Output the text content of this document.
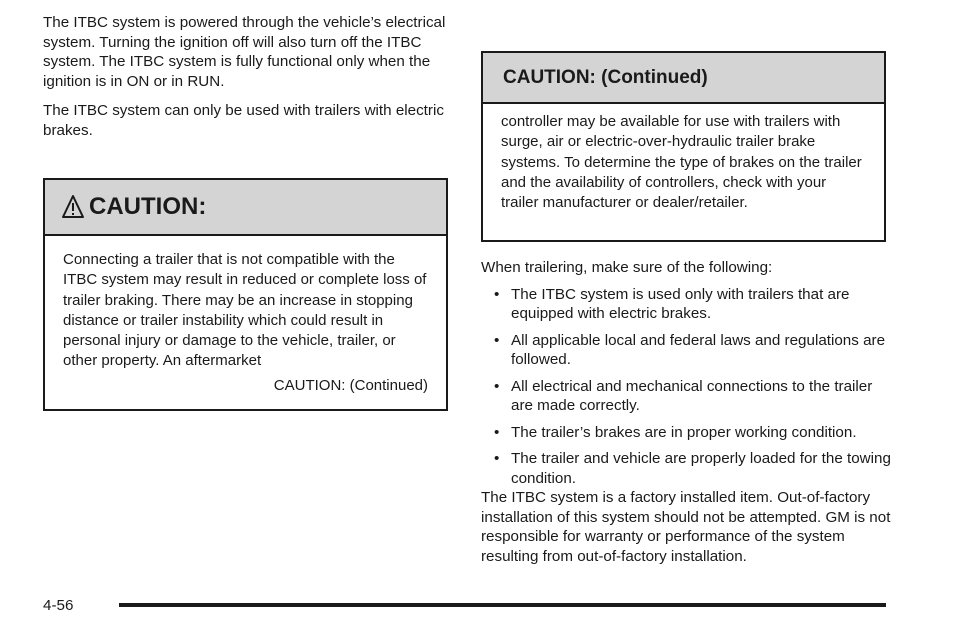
The ITBC system is powered through the vehicle’s electrical system. Turning the ignition off will also turn off the ITBC system. The ITBC system is fully functional only when the ignition is in ON or in RUN.

The ITBC system can only be used with trailers with electric brakes.

CAUTION:

Connecting a trailer that is not compatible with the ITBC system may result in reduced or complete loss of trailer braking. There may be an increase in stopping distance or trailer instability which could result in personal injury or damage to the vehicle, trailer, or other property. An aftermarket

CAUTION: (Continued)

CAUTION: (Continued)

controller may be available for use with trailers with surge, air or electric-over-hydraulic trailer brake systems. To determine the type of brakes on the trailer and the availability of controllers, check with your trailer manufacturer or dealer/retailer.

When trailering, make sure of the following:

• The ITBC system is used only with trailers that are equipped with electric brakes.
• All applicable local and federal laws and regulations are followed.
• All electrical and mechanical connections to the trailer are made correctly.
• The trailer’s brakes are in proper working condition.
• The trailer and vehicle are properly loaded for the towing condition.

The ITBC system is a factory installed item. Out-of-factory installation of this system should not be attempted. GM is not responsible for warranty or performance of the system resulting from out-of-factory installation.

4-56
